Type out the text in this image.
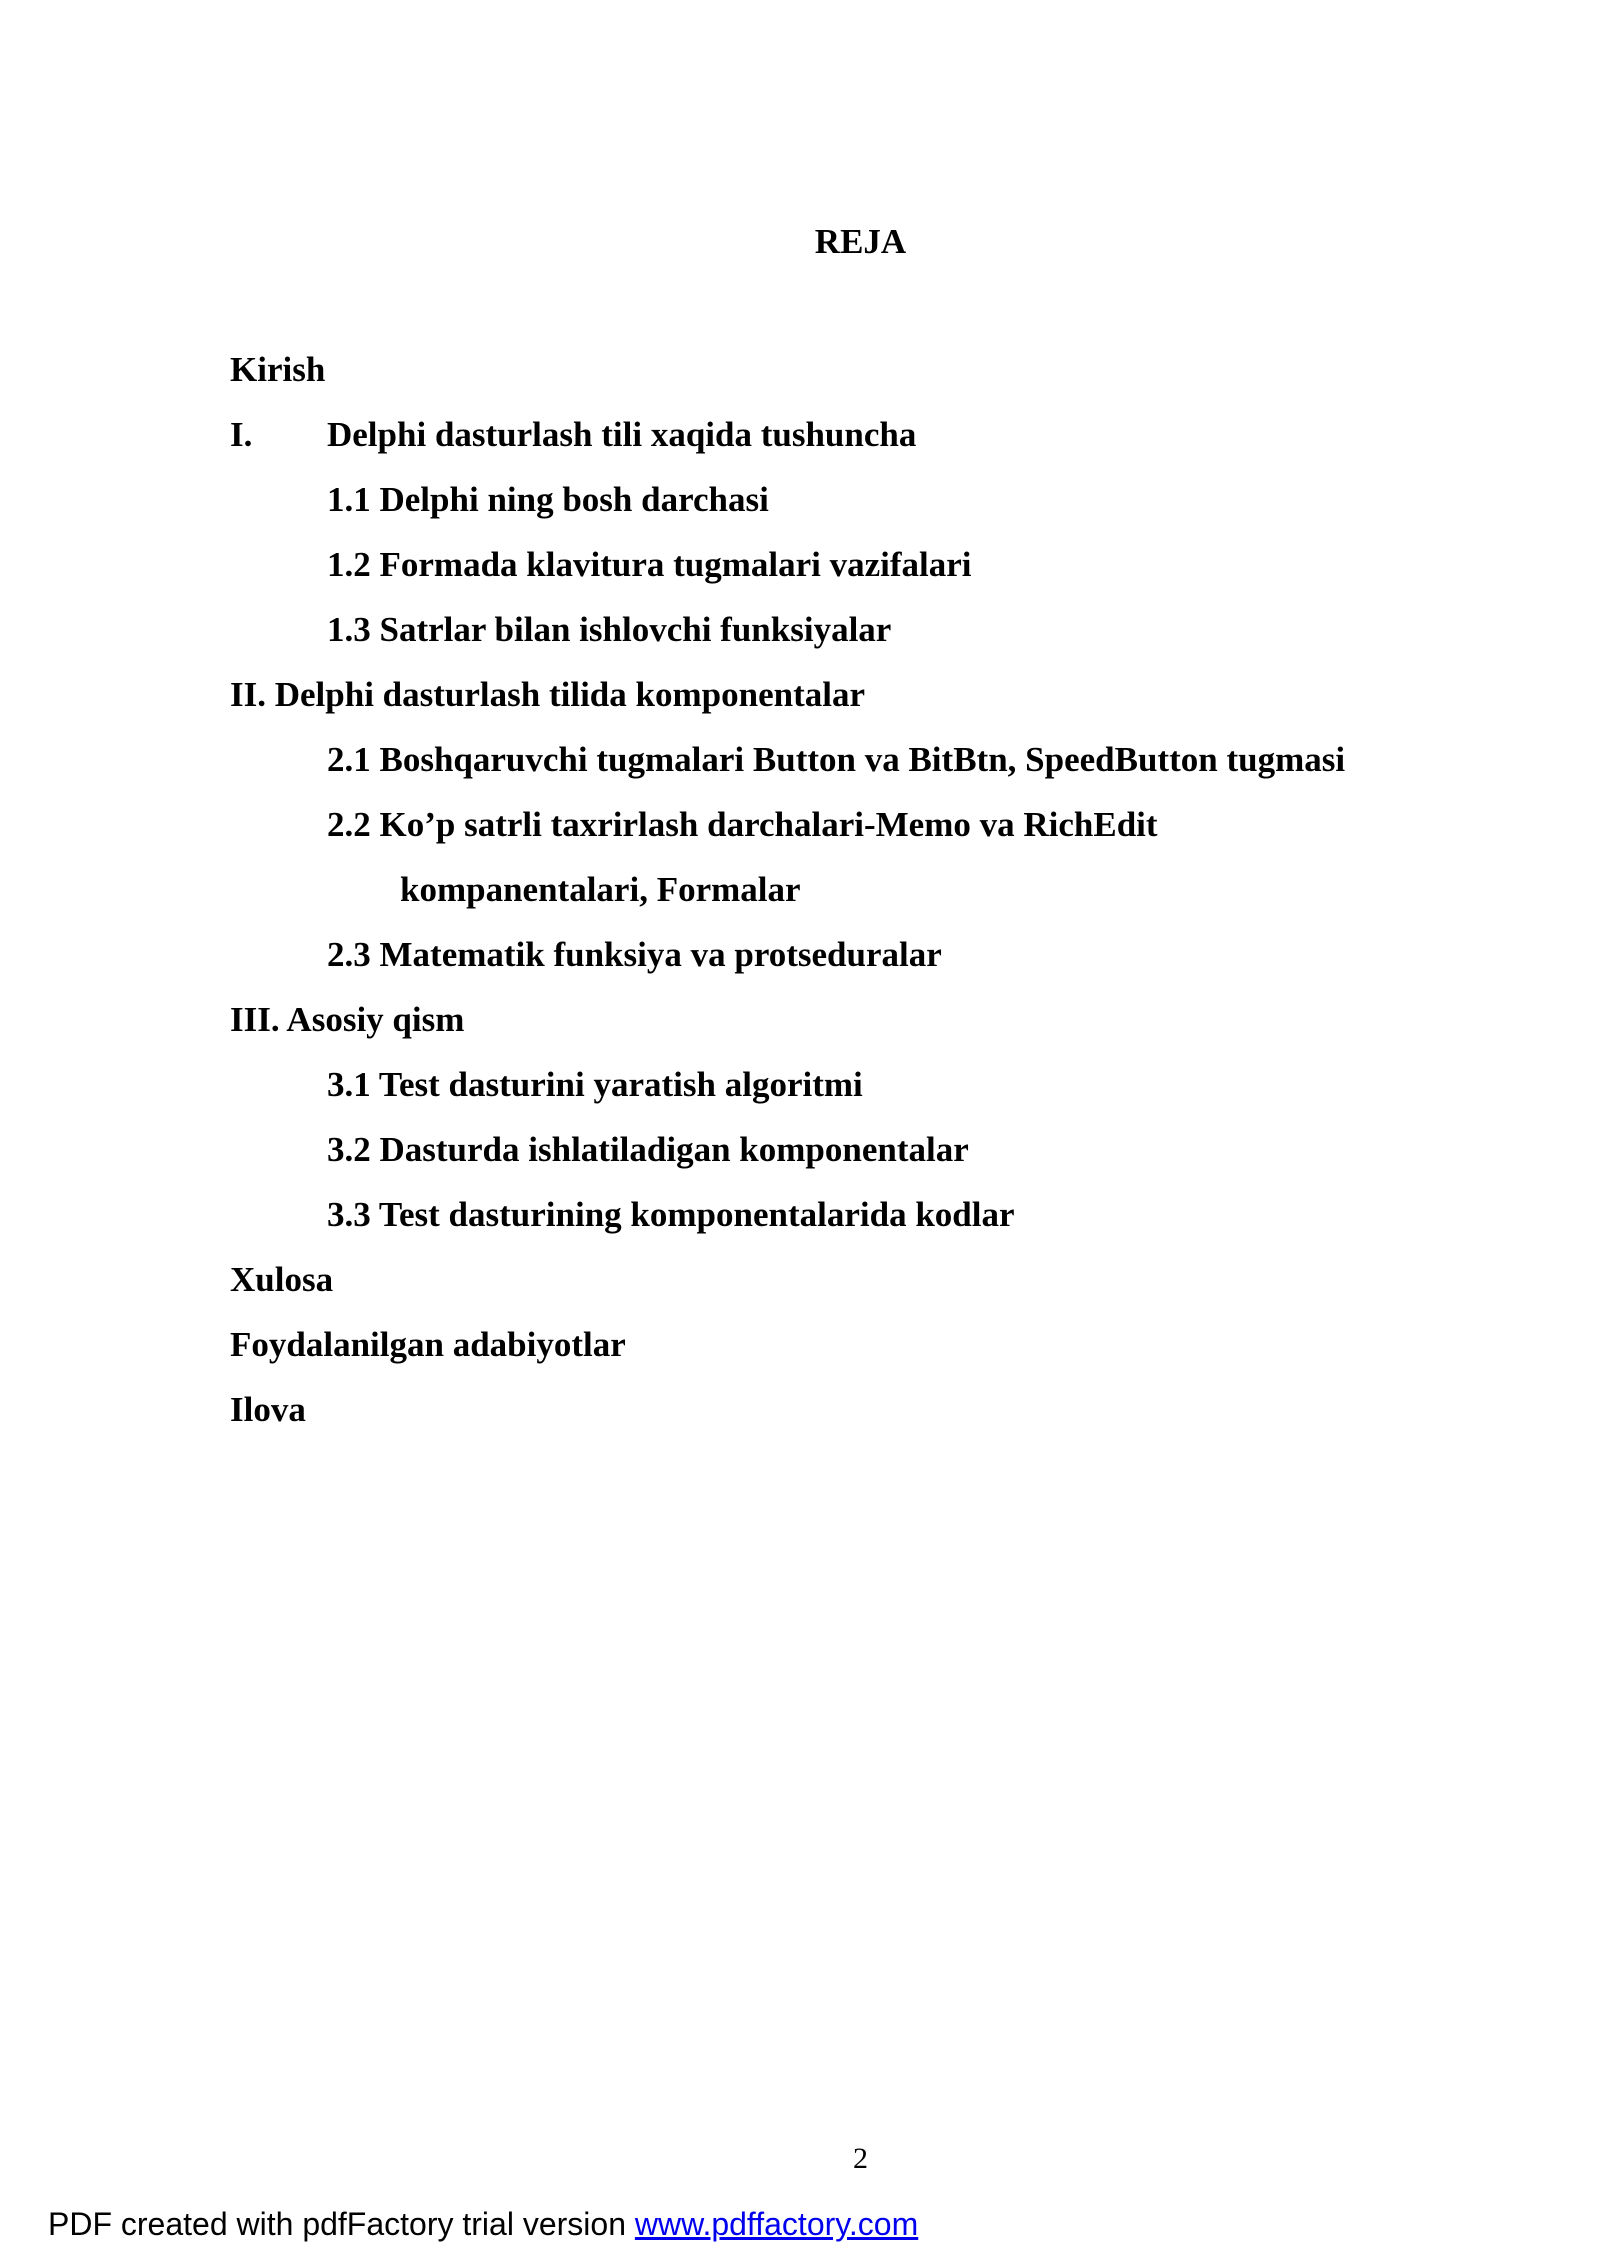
REJA
Kirish
I. Delphi dasturlash tili xaqida tushuncha
1.1 Delphi ning bosh darchasi
1.2 Formada klavitura tugmalari vazifalari
1.3 Satrlar bilan ishlovchi funksiyalar
II. Delphi dasturlash tilida komponentalar
2.1 Boshqaruvchi tugmalari Button va BitBtn, SpeedButton tugmasi
2.2 Ko’p satrli taxrirlash darchalari-Memo va RichEdit
kompanentalari, Formalar
2.3 Matematik funksiya va protseduralar
III. Asosiy qism
3.1 Test dasturini yaratish algoritmi
3.2 Dasturda ishlatiladigan komponentalar
3.3 Test dasturining komponentalarida kodlar
Xulosa
Foydalanilgan adabiyotlar
Ilova
2
PDF created with pdfFactory trial version www.pdffactory.com
